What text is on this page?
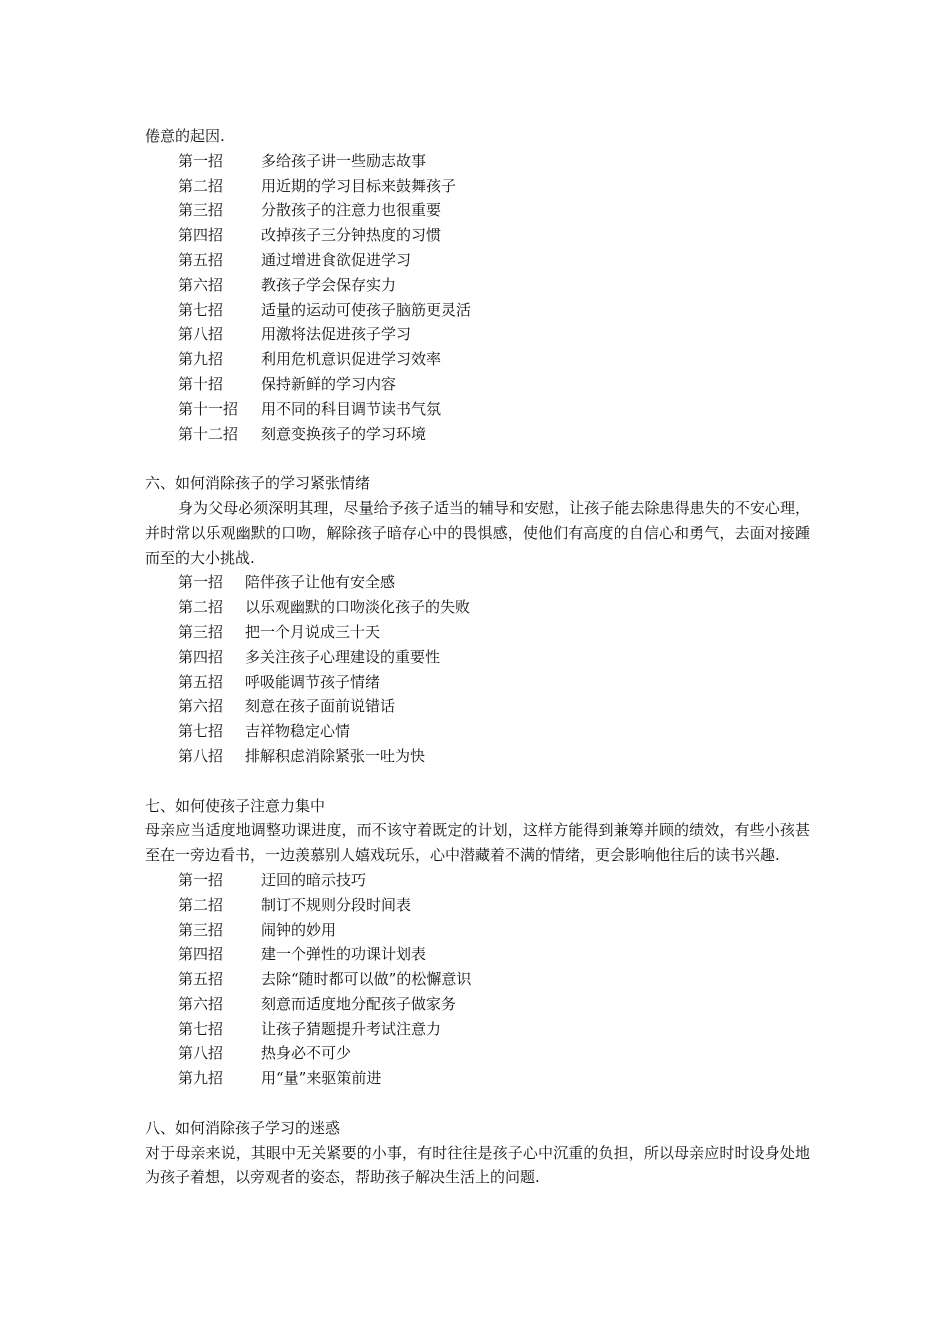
倦意的起因.
第一招	多给孩子讲一些励志故事
第二招	用近期的学习目标来鼓舞孩子
第三招	分散孩子的注意力也很重要
第四招	改掉孩子三分钟热度的习惯
第五招	通过增进食欲促进学习
第六招	教孩子学会保存实力
第七招	适量的运动可使孩子脑筋更灵活
第八招	用激将法促进孩子学习
第九招	利用危机意识促进学习效率
第十招	保持新鲜的学习内容
第十一招 用不同的科目调节读书气氛
第十二招 刻意变换孩子的学习环境
六、如何消除孩子的学习紧张情绪
身为父母必须深明其理，尽量给予孩子适当的辅导和安慰，让孩子能去除患得患失的不安心理，并时常以乐观幽默的口吻，解除孩子暗存心中的畏惧感，使他们有高度的自信心和勇气，去面对接踵而至的大小挑战.
第一招 陪伴孩子让他有安全感
第二招 以乐观幽默的口吻淡化孩子的失败
第三招 把一个月说成三十天
第四招 多关注孩子心理建设的重要性
第五招 呼吸能调节孩子情绪
第六招 刻意在孩子面前说错话
第七招 吉祥物稳定心情
第八招 排解积虑消除紧张一吐为快
七、如何使孩子注意力集中
母亲应当适度地调整功课进度，而不该守着既定的计划，这样方能得到兼筹并顾的绩效，有些小孩甚至在一旁边看书，一边羡慕别人嬉戏玩乐，心中潜藏着不满的情绪，更会影响他往后的读书兴趣.
第一招	迂回的暗示技巧
第二招	制订不规则分段时间表
第三招	闹钟的妙用
第四招	建一个弹性的功课计划表
第五招	去除“随时都可以做”的松懈意识
第六招	刻意而适度地分配孩子做家务
第七招	让孩子猜题提升考试注意力
第八招	热身必不可少
第九招	用“量”来驱策前进
八、如何消除孩子学习的迷惑
对于母亲来说，其眼中无关紧要的小事，有时往往是孩子心中沉重的负担，所以母亲应时时设身处地为孩子着想，以旁观者的姿态，帮助孩子解决生活上的问题.
